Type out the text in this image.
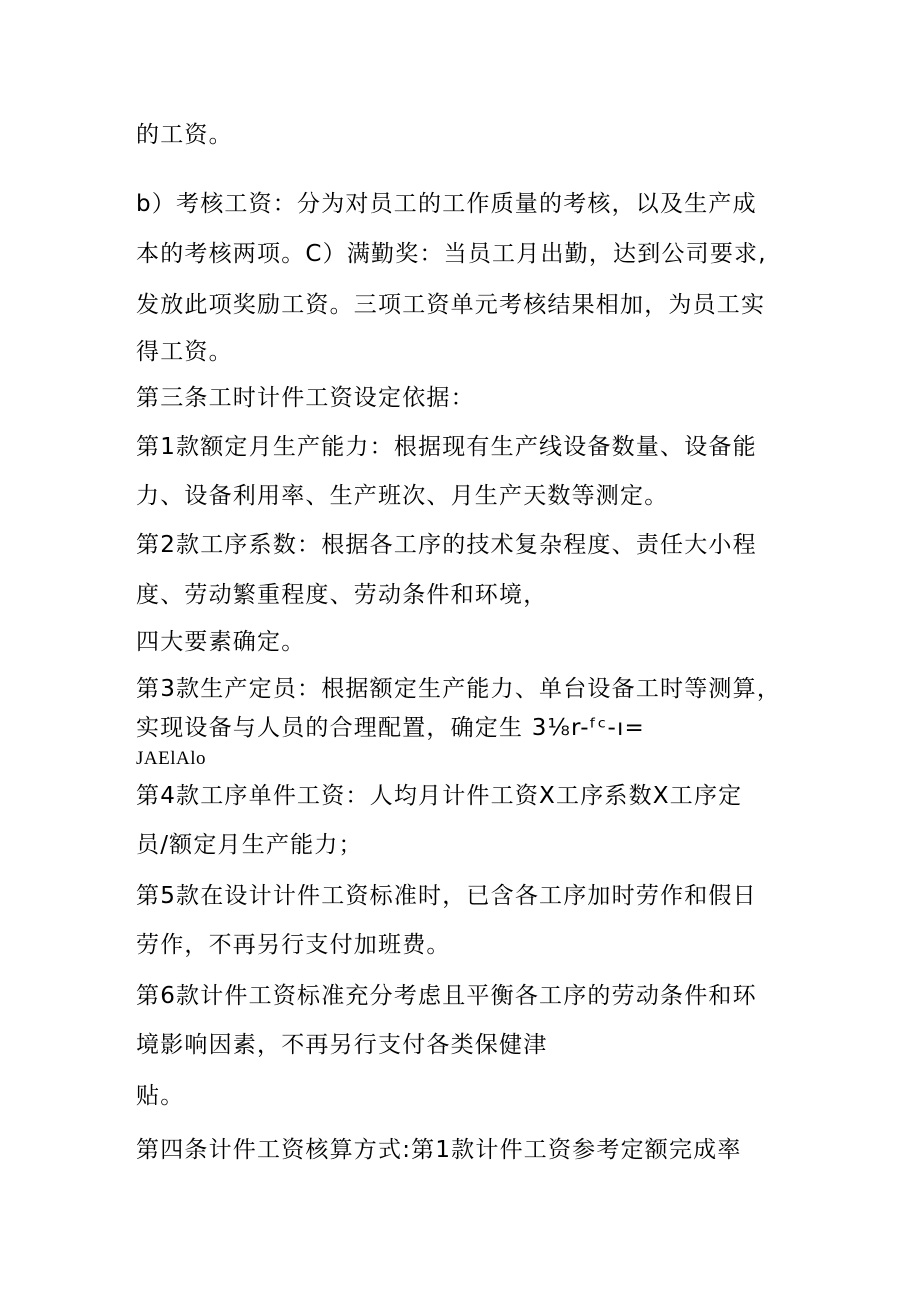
的工资。
b）考核工资：分为对员工的工作质量的考核，以及生产成
本的考核两项。C）满勤奖：当员工月出勤，达到公司要求,
发放此项奖励工资。三项工资单元考核结果相加，为员工实
得工资。
第三条工时计件工资设定依据：
第1款额定月生产能力：根据现有生产线设备数量、设备能
力、设备利用率、生产班次、月生产天数等测定。
第2款工序系数：根据各工序的技术复杂程度、责任大小程
度、劳动繁重程度、劳动条件和环境，
四大要素确定。
第3款生产定员：根据额定生产能力、单台设备工时等测算，
实现设备与人员的合理配置，确定生 3⅛r-ᶠᶜ-ı=
JAElAlo
第4款工序单件工资：人均月计件工资X工序系数X工序定
员/额定月生产能力；
第5款在设计计件工资标准时，已含各工序加时劳作和假日
劳作，不再另行支付加班费。
第6款计件工资标准充分考虑且平衡各工序的劳动条件和环
境影响因素，不再另行支付各类保健津
贴。
第四条计件工资核算方式:第1款计件工资参考定额完成率
